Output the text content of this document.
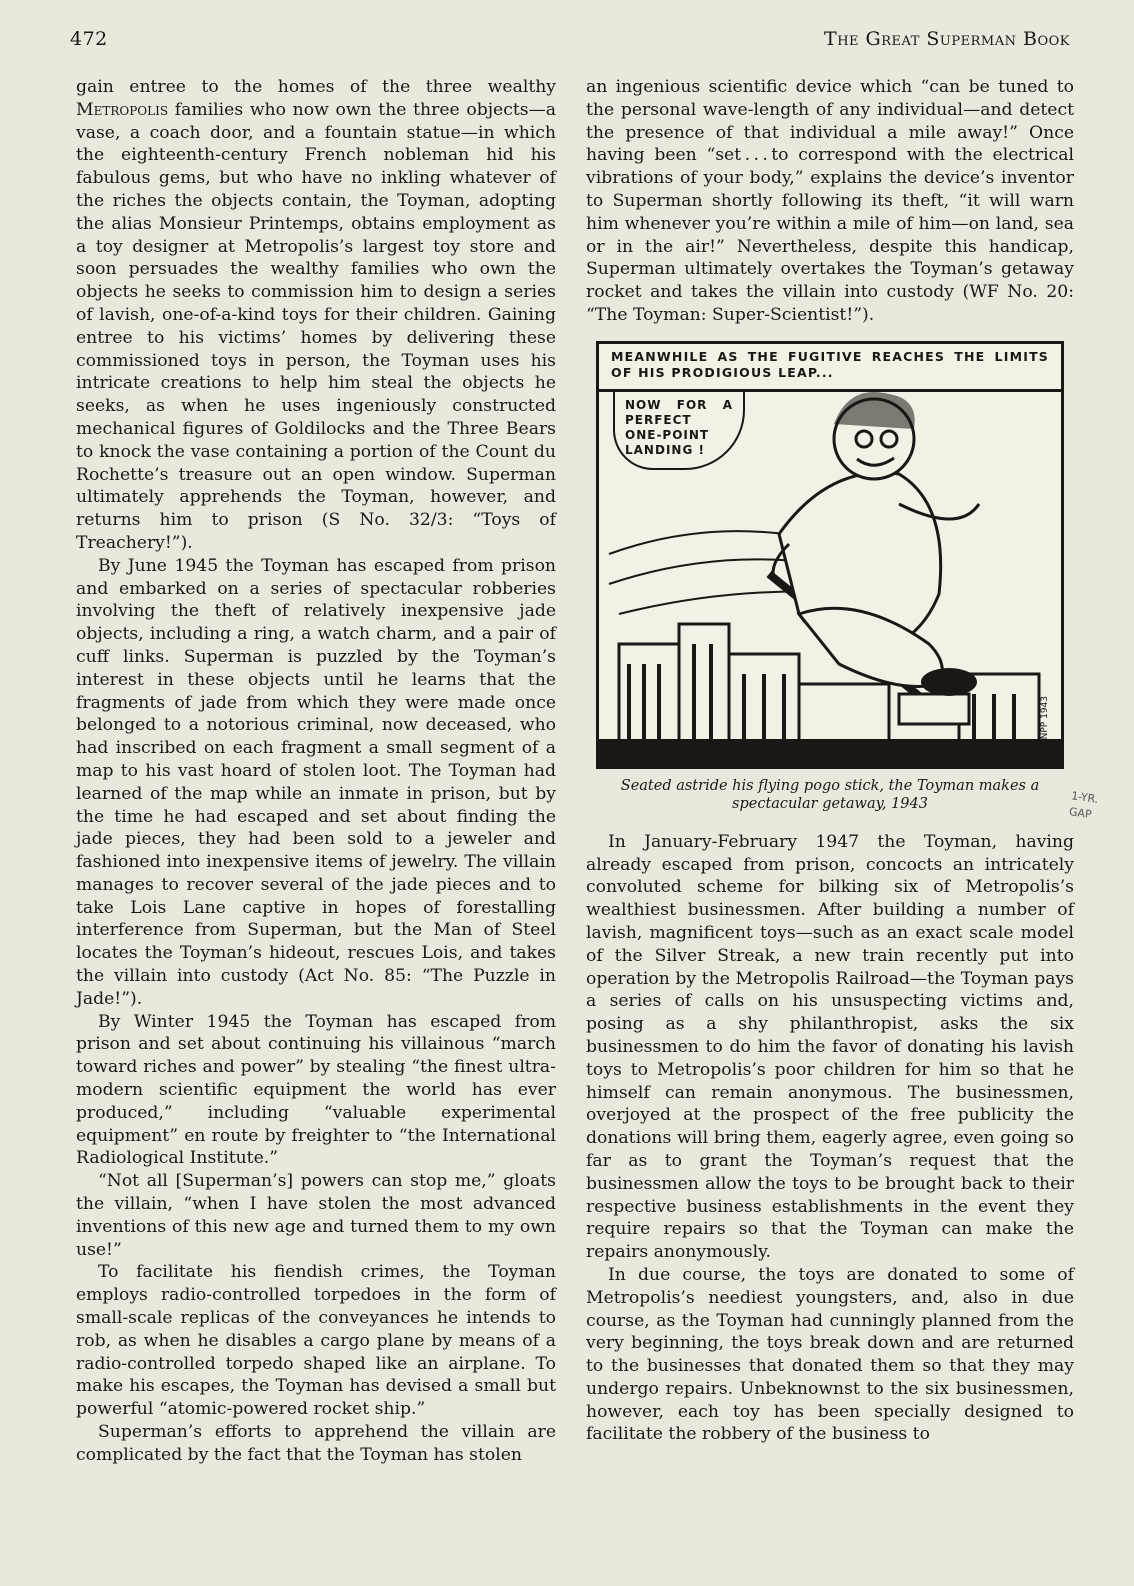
472	The Great Superman Book

gain entree to the homes of the three wealthy Metropolis families who now own the three objects—a vase, a coach door, and a fountain statue—in which the eighteenth-century French nobleman hid his fabulous gems, but who have no inkling whatever of the riches the objects contain, the Toyman, adopting the alias Monsieur Printemps, obtains employment as a toy designer at Metropolis’s largest toy store and soon persuades the wealthy families who own the objects he seeks to commission him to design a series of lavish, one-of-a-kind toys for their children. Gaining entree to his victims’ homes by delivering these commissioned toys in person, the Toyman uses his intricate creations to help him steal the objects he seeks, as when he uses ingeniously constructed mechanical figures of Goldilocks and the Three Bears to knock the vase containing a portion of the Count du Rochette’s treasure out an open window. Superman ultimately apprehends the Toyman, however, and returns him to prison (S No. 32/3: “Toys of Treachery!”).

By June 1945 the Toyman has escaped from prison and embarked on a series of spectacular robberies involving the theft of relatively inexpensive jade objects, including a ring, a watch charm, and a pair of cuff links. Superman is puzzled by the Toyman’s interest in these objects until he learns that the fragments of jade from which they were made once belonged to a notorious criminal, now deceased, who had inscribed on each fragment a small segment of a map to his vast hoard of stolen loot. The Toyman had learned of the map while an inmate in prison, but by the time he had escaped and set about finding the jade pieces, they had been sold to a jeweler and fashioned into inexpensive items of jewelry. The villain manages to recover several of the jade pieces and to take Lois Lane captive in hopes of forestalling interference from Superman, but the Man of Steel locates the Toyman’s hideout, rescues Lois, and takes the villain into custody (Act No. 85: “The Puzzle in Jade!”).

By Winter 1945 the Toyman has escaped from prison and set about continuing his villainous “march toward riches and power” by stealing “the finest ultra-modern scientific equipment the world has ever produced,” including “valuable experimental equipment” en route by freighter to “the International Radiological Institute.”

“Not all [Superman’s] powers can stop me,” gloats the villain, “when I have stolen the most advanced inventions of this new age and turned them to my own use!”

To facilitate his fiendish crimes, the Toyman employs radio-controlled torpedoes in the form of small-scale replicas of the conveyances he intends to rob, as when he disables a cargo plane by means of a radio-controlled torpedo shaped like an airplane. To make his escapes, the Toyman has devised a small but powerful “atomic-powered rocket ship.”

Superman’s efforts to apprehend the villain are complicated by the fact that the Toyman has stolen

an ingenious scientific device which “can be tuned to the personal wave-length of any individual—and detect the presence of that individual a mile away!” Once having been “set . . . to correspond with the electrical vibrations of your body,” explains the device’s inventor to Superman shortly following its theft, “it will warn him whenever you’re within a mile of him—on land, sea or in the air!” Nevertheless, despite this handicap, Superman ultimately overtakes the Toyman’s getaway rocket and takes the villain into custody (WF No. 20: “The Toyman: Super-Scientist!”).

MEANWHILE AS THE FUGITIVE REACHES THE LIMITS OF HIS PRODIGIOUS LEAP...
NOW FOR A PERFECT ONE-POINT LANDING !
© NPP 1943
Seated astride his flying pogo stick, the Toyman makes a spectacular getaway, 1943

In January-February 1947 the Toyman, having already escaped from prison, concocts an intricately convoluted scheme for bilking six of Metropolis’s wealthiest businessmen. After building a number of lavish, magnificent toys—such as an exact scale model of the Silver Streak, a new train recently put into operation by the Metropolis Railroad—the Toyman pays a series of calls on his unsuspecting victims and, posing as a shy philanthropist, asks the six businessmen to do him the favor of donating his lavish toys to Metropolis’s poor children for him so that he himself can remain anonymous. The businessmen, overjoyed at the prospect of the free publicity the donations will bring them, eagerly agree, even going so far as to grant the Toyman’s request that the businessmen allow the toys to be brought back to their respective business establishments in the event they require repairs so that the Toyman can make the repairs anonymously.

In due course, the toys are donated to some of Metropolis’s neediest youngsters, and, also in due course, as the Toyman had cunningly planned from the very beginning, the toys break down and are returned to the businesses that donated them so that they may undergo repairs. Unbeknownst to the six businessmen, however, each toy has been specially designed to facilitate the robbery of the business to

1-YR.
GAP
